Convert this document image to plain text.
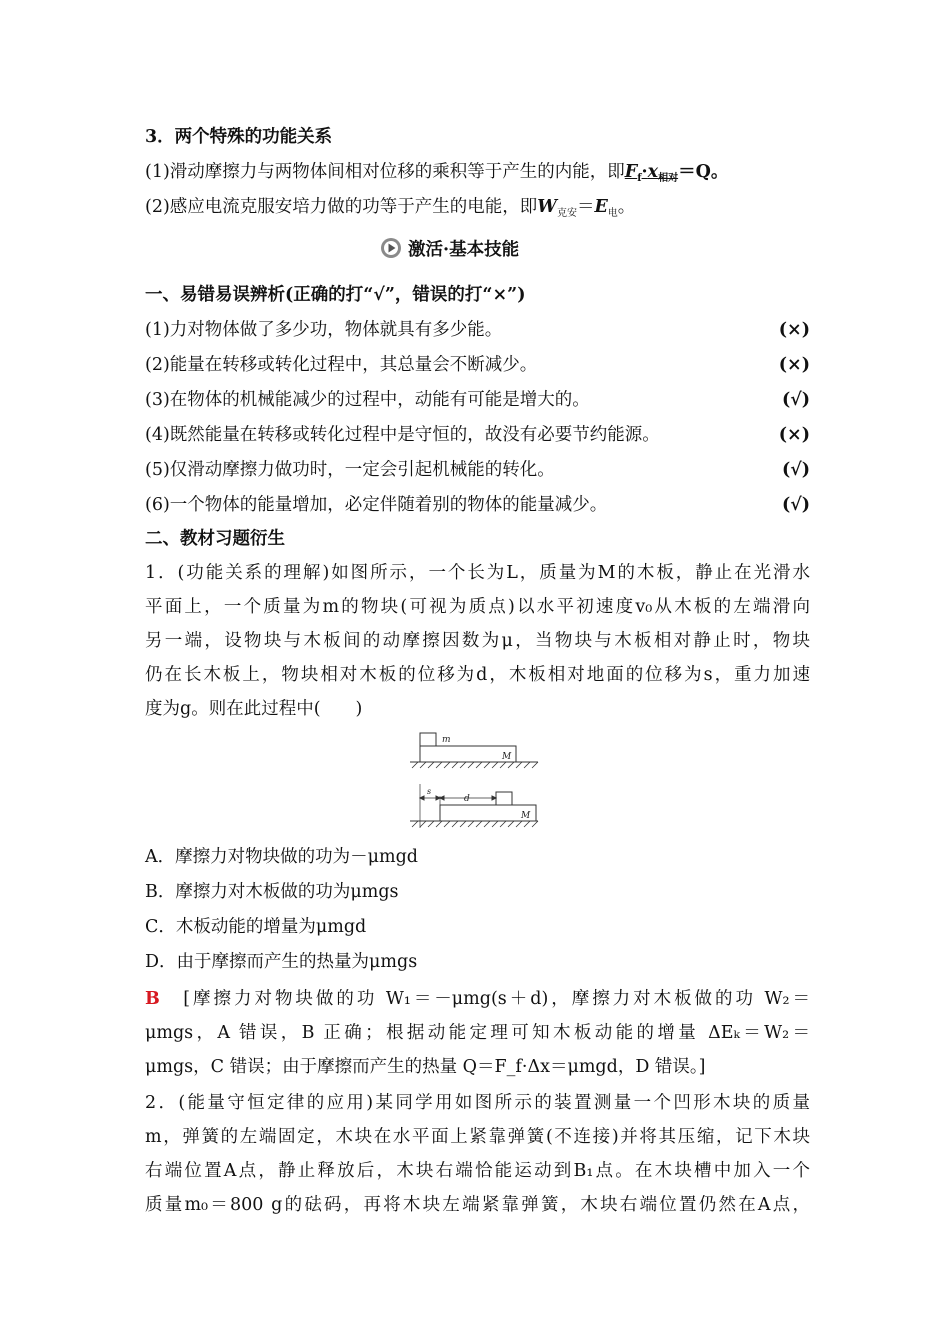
3．两个特殊的功能关系
(1)滑动摩擦力与两物体间相对位移的乘积等于产生的内能，即$F_f\cdot x_{相对}=Q$。
(2)感应电流克服安培力做的功等于产生的电能，即$W_{克安}=E_电$。
激活·基本技能
一、易错易误辨析(正确的打“√”，错误的打“×”)
(1)力对物体做了多少功，物体就具有多少能。	(×)
(2)能量在转移或转化过程中，其总量会不断减少。	(×)
(3)在物体的机械能减少的过程中，动能有可能是增大的。	(√)
(4)既然能量在转移或转化过程中是守恒的，故没有必要节约能源。	(×)
(5)仅滑动摩擦力做功时，一定会引起机械能的转化。	(√)
(6)一个物体的能量增加，必定伴随着别的物体的能量减少。	(√)
二、教材习题衍生
1．(功能关系的理解)如图所示，一个长为L，质量为M的木板，静止在光滑水
平面上，一个质量为m的物块(可视为质点)以水平初速度v₀从木板的左端滑向
另一端，设物块与木板间的动摩擦因数为μ，当物块与木板相对静止时，物块
仍在长木板上，物块相对木板的位移为d，木板相对地面的位移为s，重力加速
度为g。则在此过程中(　　)
m
M
s
d
M
A．摩擦力对物块做的功为－μmgd
B．摩擦力对木板做的功为μmgs
C．木板动能的增量为μmgd
D．由于摩擦而产生的热量为μmgs
B　 [摩擦力对物块做的功 W₁＝－μmg(s＋d)，摩擦力对木板做的功 W₂＝
μmgs，A 错误，B 正确；根据动能定理可知木板动能的增量 ΔEₖ＝W₂＝
μmgs，C 错误；由于摩擦而产生的热量 Q＝F_f·Δx＝μmgd，D 错误。]
2．(能量守恒定律的应用)某同学用如图所示的装置测量一个凹形木块的质量
m，弹簧的左端固定，木块在水平面上紧靠弹簧(不连接)并将其压缩，记下木块
右端位置A点，静止释放后，木块右端恰能运动到B₁点。在木块槽中加入一个
质量m₀＝800 g的砝码，再将木块左端紧靠弹簧，木块右端位置仍然在A点，
